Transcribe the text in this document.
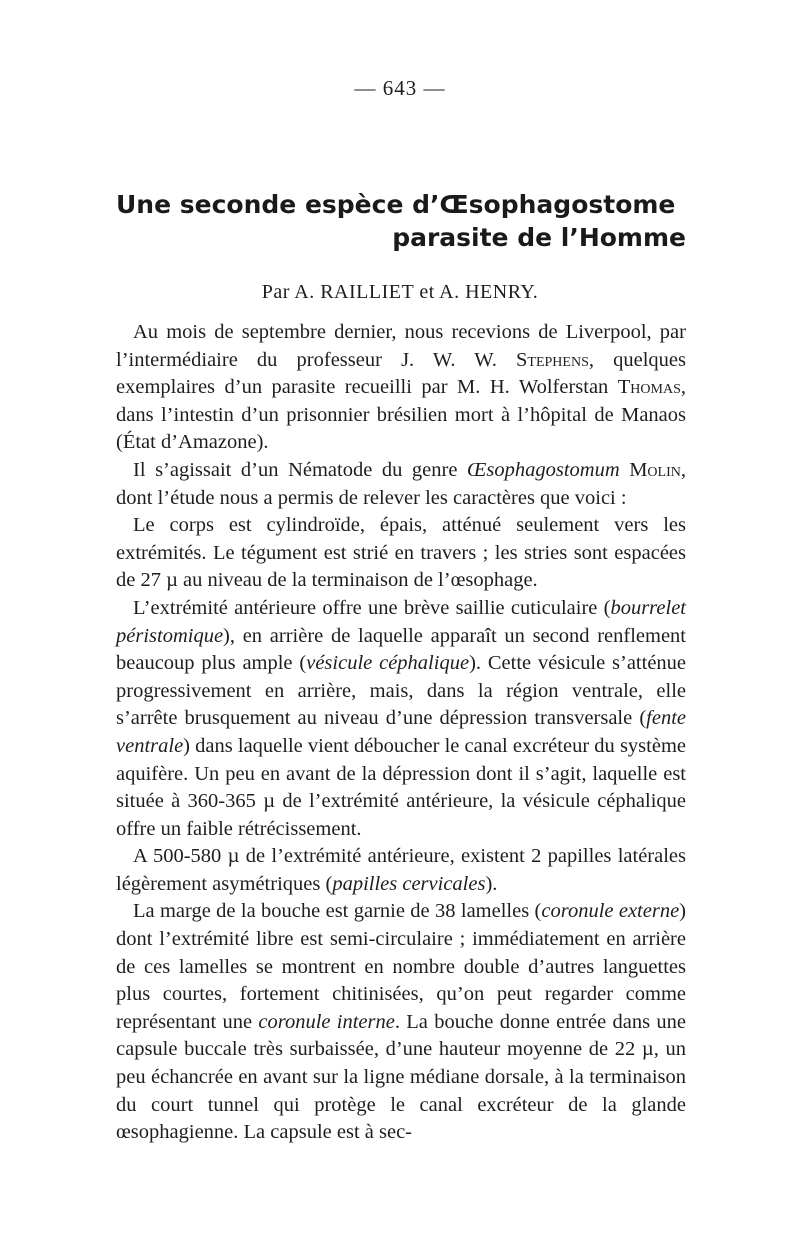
— 643 —
Une seconde espèce d’Œsophagostome
parasite de l’Homme
Par A. RAILLIET et A. HENRY.

Au mois de septembre dernier, nous recevions de Liverpool, par l’intermédiaire du professeur J. W. W. Stephens, quelques exemplaires d’un parasite recueilli par M. H. Wolferstan Thomas, dans l’intestin d’un prisonnier brésilien mort à l’hôpital de Manaos (État d’Amazone).

Il s’agissait d’un Nématode du genre Œsophagostomum Molin, dont l’étude nous a permis de relever les caractères que voici :

Le corps est cylindroïde, épais, atténué seulement vers les extrémités. Le tégument est strié en travers ; les stries sont espacées de 27 µ au niveau de la terminaison de l’œsophage.

L’extrémité antérieure offre une brève saillie cuticulaire (bourrelet péristomique), en arrière de laquelle apparaît un second renflement beaucoup plus ample (vésicule céphalique). Cette vésicule s’atténue progressivement en arrière, mais, dans la région ventrale, elle s’arrête brusquement au niveau d’une dépression transversale (fente ventrale) dans laquelle vient déboucher le canal excréteur du système aquifère. Un peu en avant de la dépression dont il s’agit, laquelle est située à 360-365 µ de l’extrémité antérieure, la vésicule céphalique offre un faible rétrécissement.

A 500-580 µ de l’extrémité antérieure, existent 2 papilles latérales légèrement asymétriques (papilles cervicales).

La marge de la bouche est garnie de 38 lamelles (coronule externe) dont l’extrémité libre est semi-circulaire ; immédiatement en arrière de ces lamelles se montrent en nombre double d’autres languettes plus courtes, fortement chitinisées, qu’on peut regarder comme représentant une coronule interne. La bouche donne entrée dans une capsule buccale très surbaissée, d’une hauteur moyenne de 22 µ, un peu échancrée en avant sur la ligne médiane dorsale, à la terminaison du court tunnel qui protège le canal excréteur de la glande œsophagienne. La capsule est à sec-
